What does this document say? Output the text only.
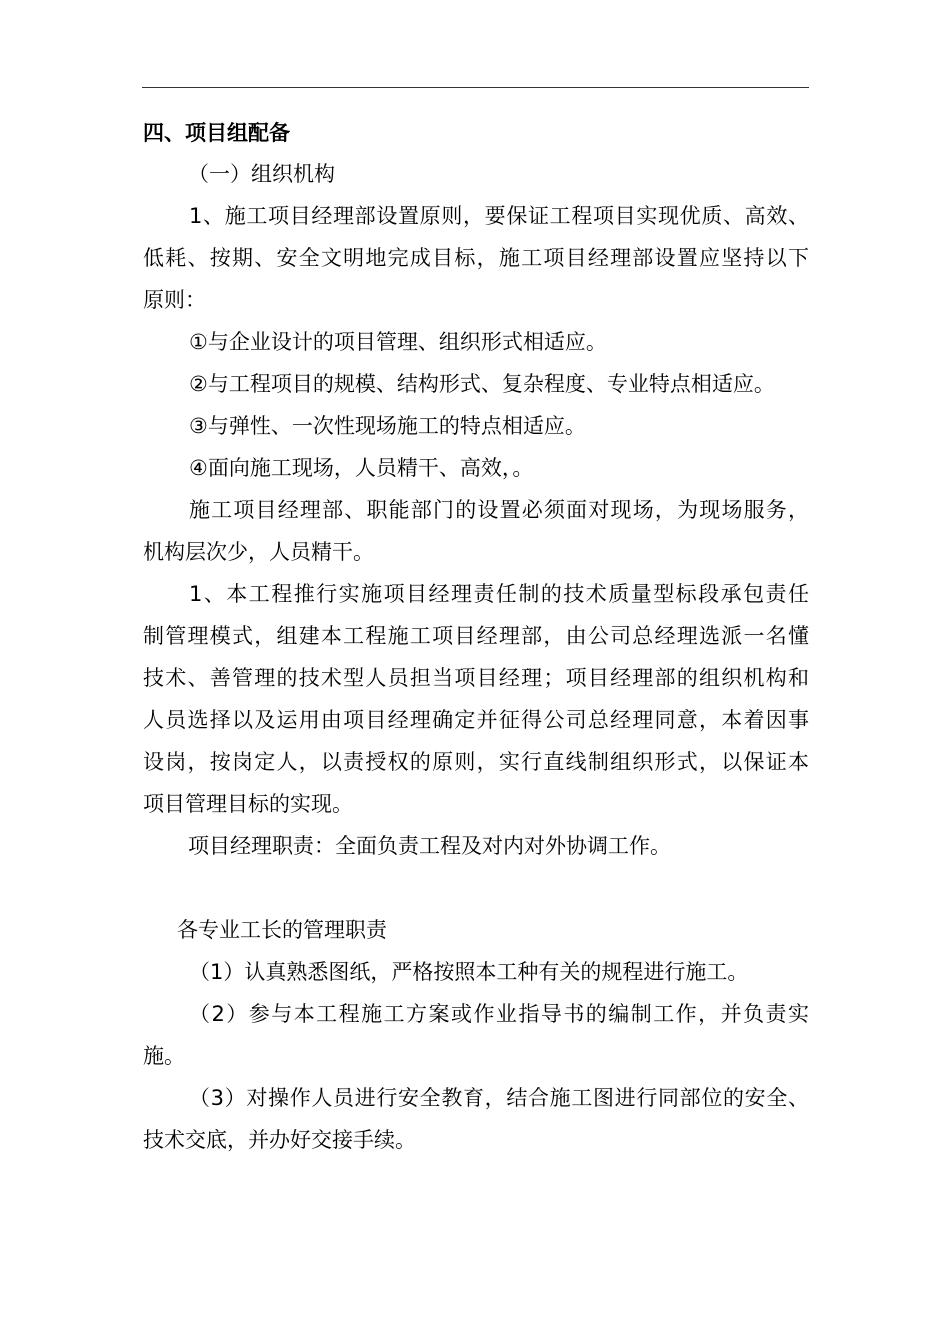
四、项目组配备
（一）组织机构
1、施工项目经理部设置原则，要保证工程项目实现优质、高效、
低耗、按期、安全文明地完成目标，施工项目经理部设置应坚持以下
原则：
①与企业设计的项目管理、组织形式相适应。
②与工程项目的规模、结构形式、复杂程度、专业特点相适应。
③与弹性、一次性现场施工的特点相适应。
④面向施工现场，人员精干、高效，。
施工项目经理部、职能部门的设置必须面对现场，为现场服务，
机构层次少，人员精干。
1、本工程推行实施项目经理责任制的技术质量型标段承包责任
制管理模式，组建本工程施工项目经理部，由公司总经理选派一名懂
技术、善管理的技术型人员担当项目经理；项目经理部的组织机构和
人员选择以及运用由项目经理确定并征得公司总经理同意，本着因事
设岗，按岗定人，以责授权的原则，实行直线制组织形式，以保证本
项目管理目标的实现。
项目经理职责：全面负责工程及对内对外协调工作。
各专业工长的管理职责
（1）认真熟悉图纸，严格按照本工种有关的规程进行施工。
（2）参与本工程施工方案或作业指导书的编制工作，并负责实
施。
（3）对操作人员进行安全教育，结合施工图进行同部位的安全、
技术交底，并办好交接手续。
